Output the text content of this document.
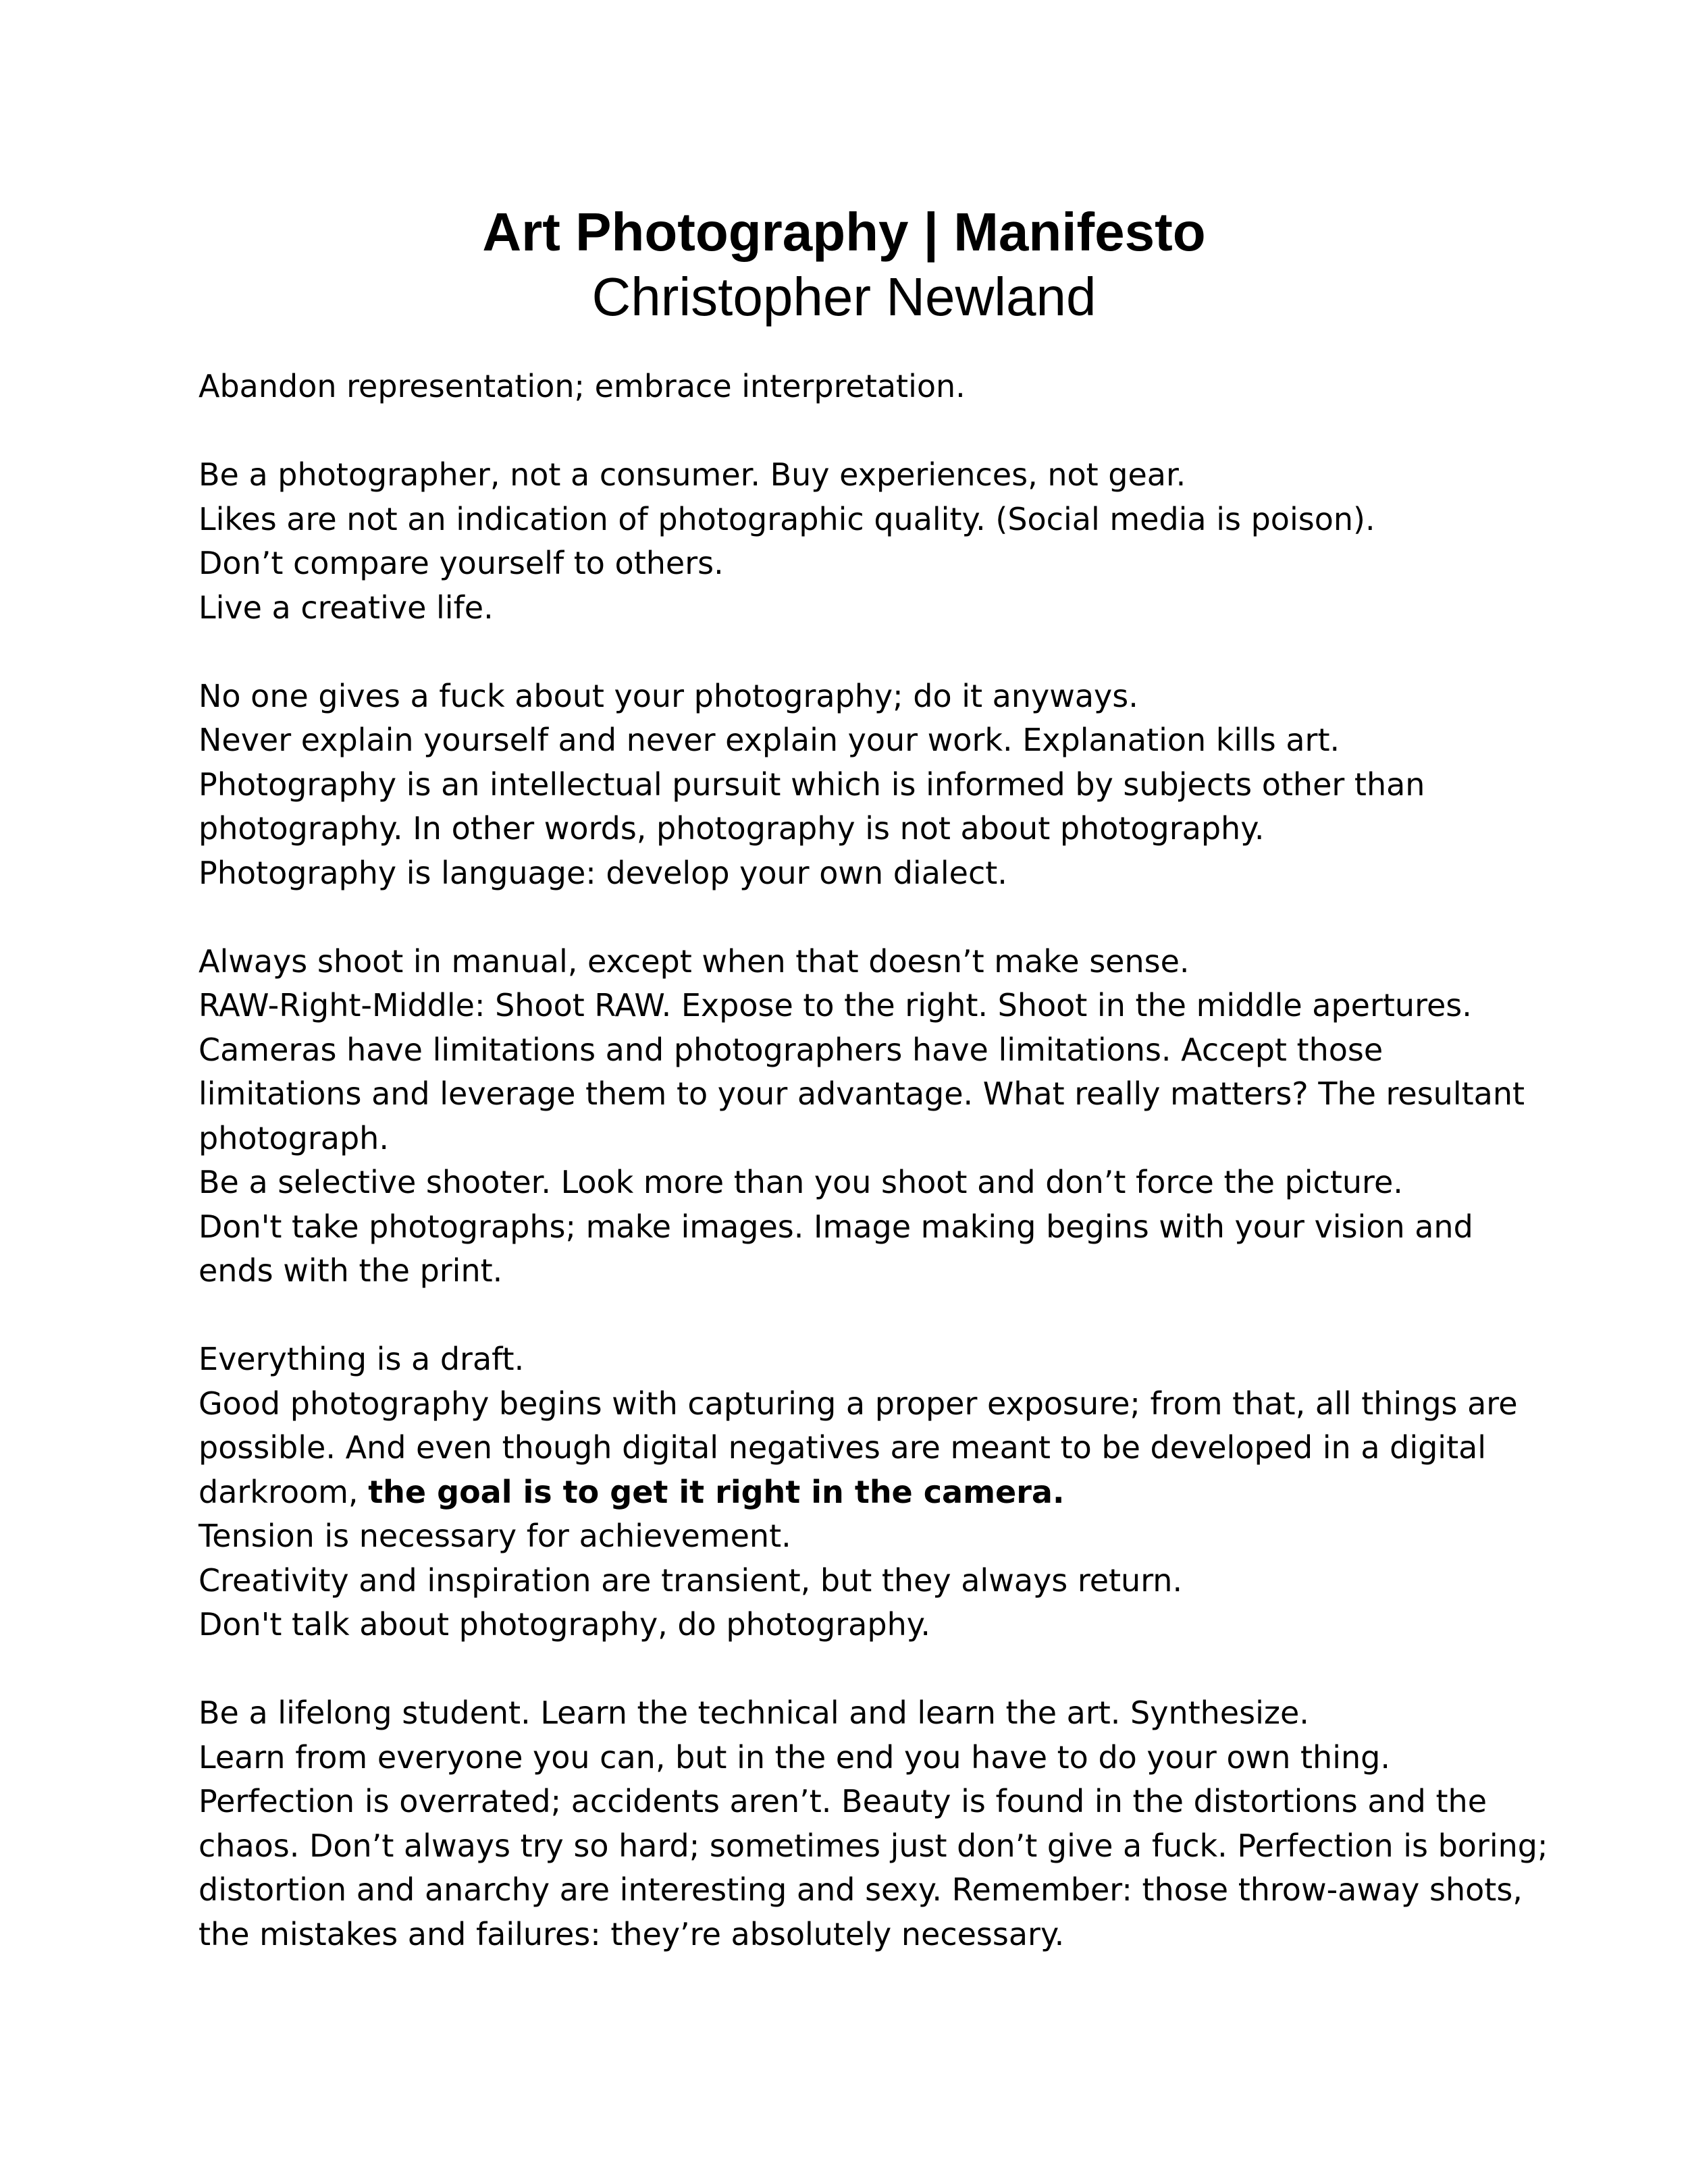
Art Photography | Manifesto
Christopher Newland

Abandon representation; embrace interpretation.

Be a photographer, not a consumer. Buy experiences, not gear.
Likes are not an indication of photographic quality. (Social media is poison).
Don’t compare yourself to others.
Live a creative life.

No one gives a fuck about your photography; do it anyways.
Never explain yourself and never explain your work. Explanation kills art.
Photography is an intellectual pursuit which is informed by subjects other than
photography. In other words, photography is not about photography.
Photography is language: develop your own dialect.

Always shoot in manual, except when that doesn’t make sense.
RAW-Right-Middle: Shoot RAW. Expose to the right. Shoot in the middle apertures.
Cameras have limitations and photographers have limitations. Accept those
limitations and leverage them to your advantage. What really matters? The resultant
photograph.
Be a selective shooter. Look more than you shoot and don’t force the picture.
Don't take photographs; make images. Image making begins with your vision and
ends with the print.

Everything is a draft.
Good photography begins with capturing a proper exposure; from that, all things are
possible. And even though digital negatives are meant to be developed in a digital
darkroom, the goal is to get it right in the camera.
Tension is necessary for achievement.
Creativity and inspiration are transient, but they always return.
Don't talk about photography, do photography.

Be a lifelong student. Learn the technical and learn the art. Synthesize.
Learn from everyone you can, but in the end you have to do your own thing.
Perfection is overrated; accidents aren’t. Beauty is found in the distortions and the
chaos. Don’t always try so hard; sometimes just don’t give a fuck. Perfection is boring;
distortion and anarchy are interesting and sexy. Remember: those throw-away shots,
the mistakes and failures: they’re absolutely necessary.
